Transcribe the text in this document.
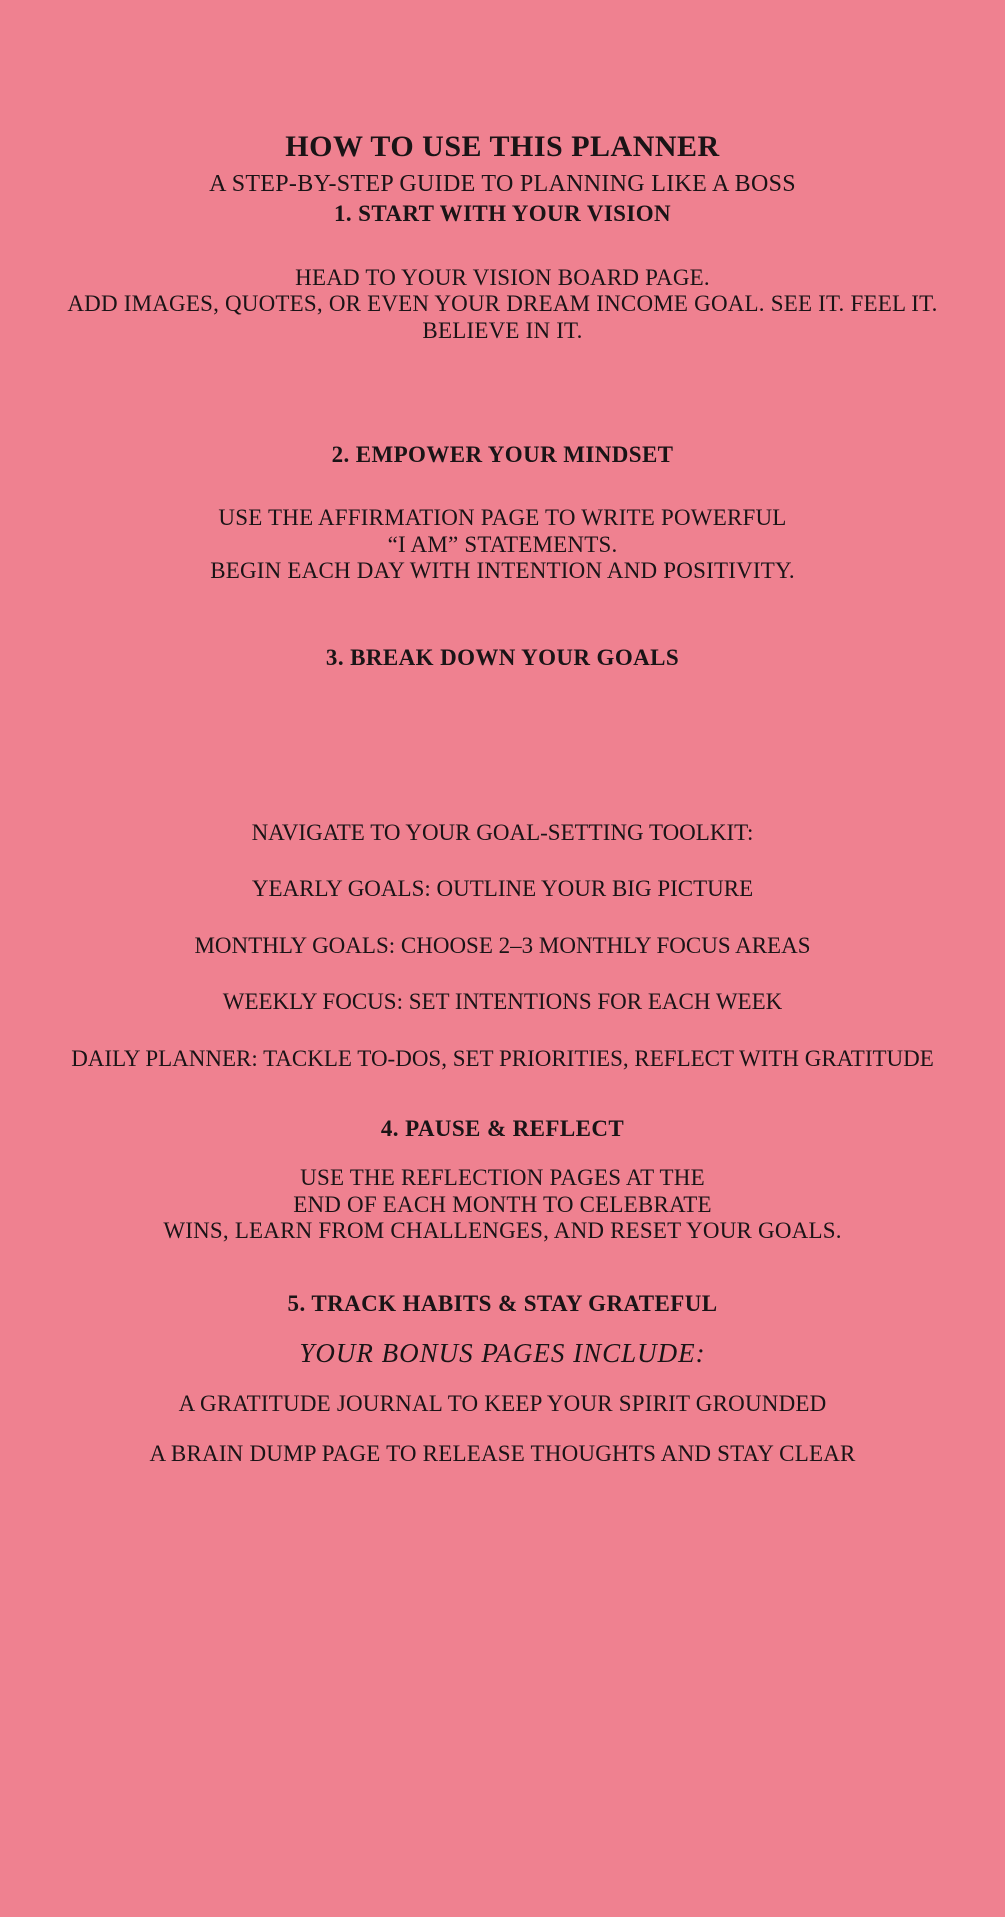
HOW TO USE THIS PLANNER
A STEP-BY-STEP GUIDE TO PLANNING LIKE A BOSS
1. START WITH YOUR VISION
HEAD TO YOUR VISION BOARD PAGE.
ADD IMAGES, QUOTES, OR EVEN YOUR DREAM INCOME GOAL. SEE IT. FEEL IT.
BELIEVE IN IT.
2. EMPOWER YOUR MINDSET
USE THE AFFIRMATION PAGE TO WRITE POWERFUL
“I AM” STATEMENTS.
BEGIN EACH DAY WITH INTENTION AND POSITIVITY.
3. BREAK DOWN YOUR GOALS
NAVIGATE TO YOUR GOAL-SETTING TOOLKIT:
YEARLY GOALS: OUTLINE YOUR BIG PICTURE
MONTHLY GOALS: CHOOSE 2–3 MONTHLY FOCUS AREAS
WEEKLY FOCUS: SET INTENTIONS FOR EACH WEEK
DAILY PLANNER: TACKLE TO-DOS, SET PRIORITIES, REFLECT WITH GRATITUDE
4. PAUSE & REFLECT
USE THE REFLECTION PAGES AT THE
END OF EACH MONTH TO CELEBRATE
WINS, LEARN FROM CHALLENGES, AND RESET YOUR GOALS.
5. TRACK HABITS & STAY GRATEFUL
YOUR BONUS PAGES INCLUDE:
A GRATITUDE JOURNAL TO KEEP YOUR SPIRIT GROUNDED
A BRAIN DUMP PAGE TO RELEASE THOUGHTS AND STAY CLEAR
